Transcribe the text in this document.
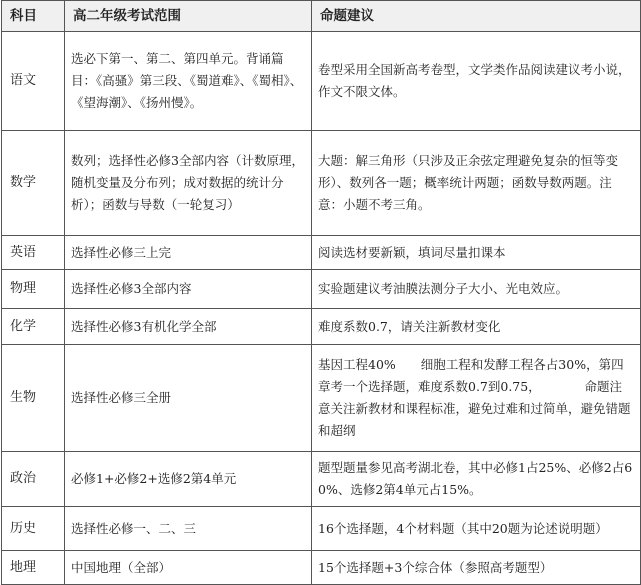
科目	高二年级考试范围	命题建议
语文	选必下第一、第二、第四单元。背诵篇目：《高骚》第三段、《蜀道难》、《蜀相》、《望海潮》、《扬州慢》。	卷型采用全国新高考卷型，文学类作品阅读建议考小说，作文不限文体。
数学	数列；选择性必修3全部内容（计数原理，随机变量及分布列；成对数据的统计分析）；函数与导数（一轮复习）	大题：解三角形（只涉及正余弦定理避免复杂的恒等变形）、数列各一题；概率统计两题；函数导数两题。注意：小题不考三角。
英语	选择性必修三上完	阅读选材要新颖，填词尽量扣课本
物理	选择性必修3全部内容	实验题建议考油膜法测分子大小、光电效应。
化学	选择性必修3有机化学全部	难度系数0.7，请关注新教材变化
生物	选择性必修三全册	基因工程40%　　细胞工程和发酵工程各占30%，第四章考一个选择题，难度系数0.7到0.75，　　　　命题注意关注新教材和课程标准，避免过难和过简单，避免错题和超纲
政治	必修1+必修2+选修2第4单元	题型题量参见高考湖北卷，其中必修1占25%、必修2占60%、选修2第4单元占15%。
历史	选择性必修一、二、三	16个选择题，4个材料题（其中20题为论述说明题）
地理	中国地理（全部）	15个选择题+3个综合体（参照高考题型）
